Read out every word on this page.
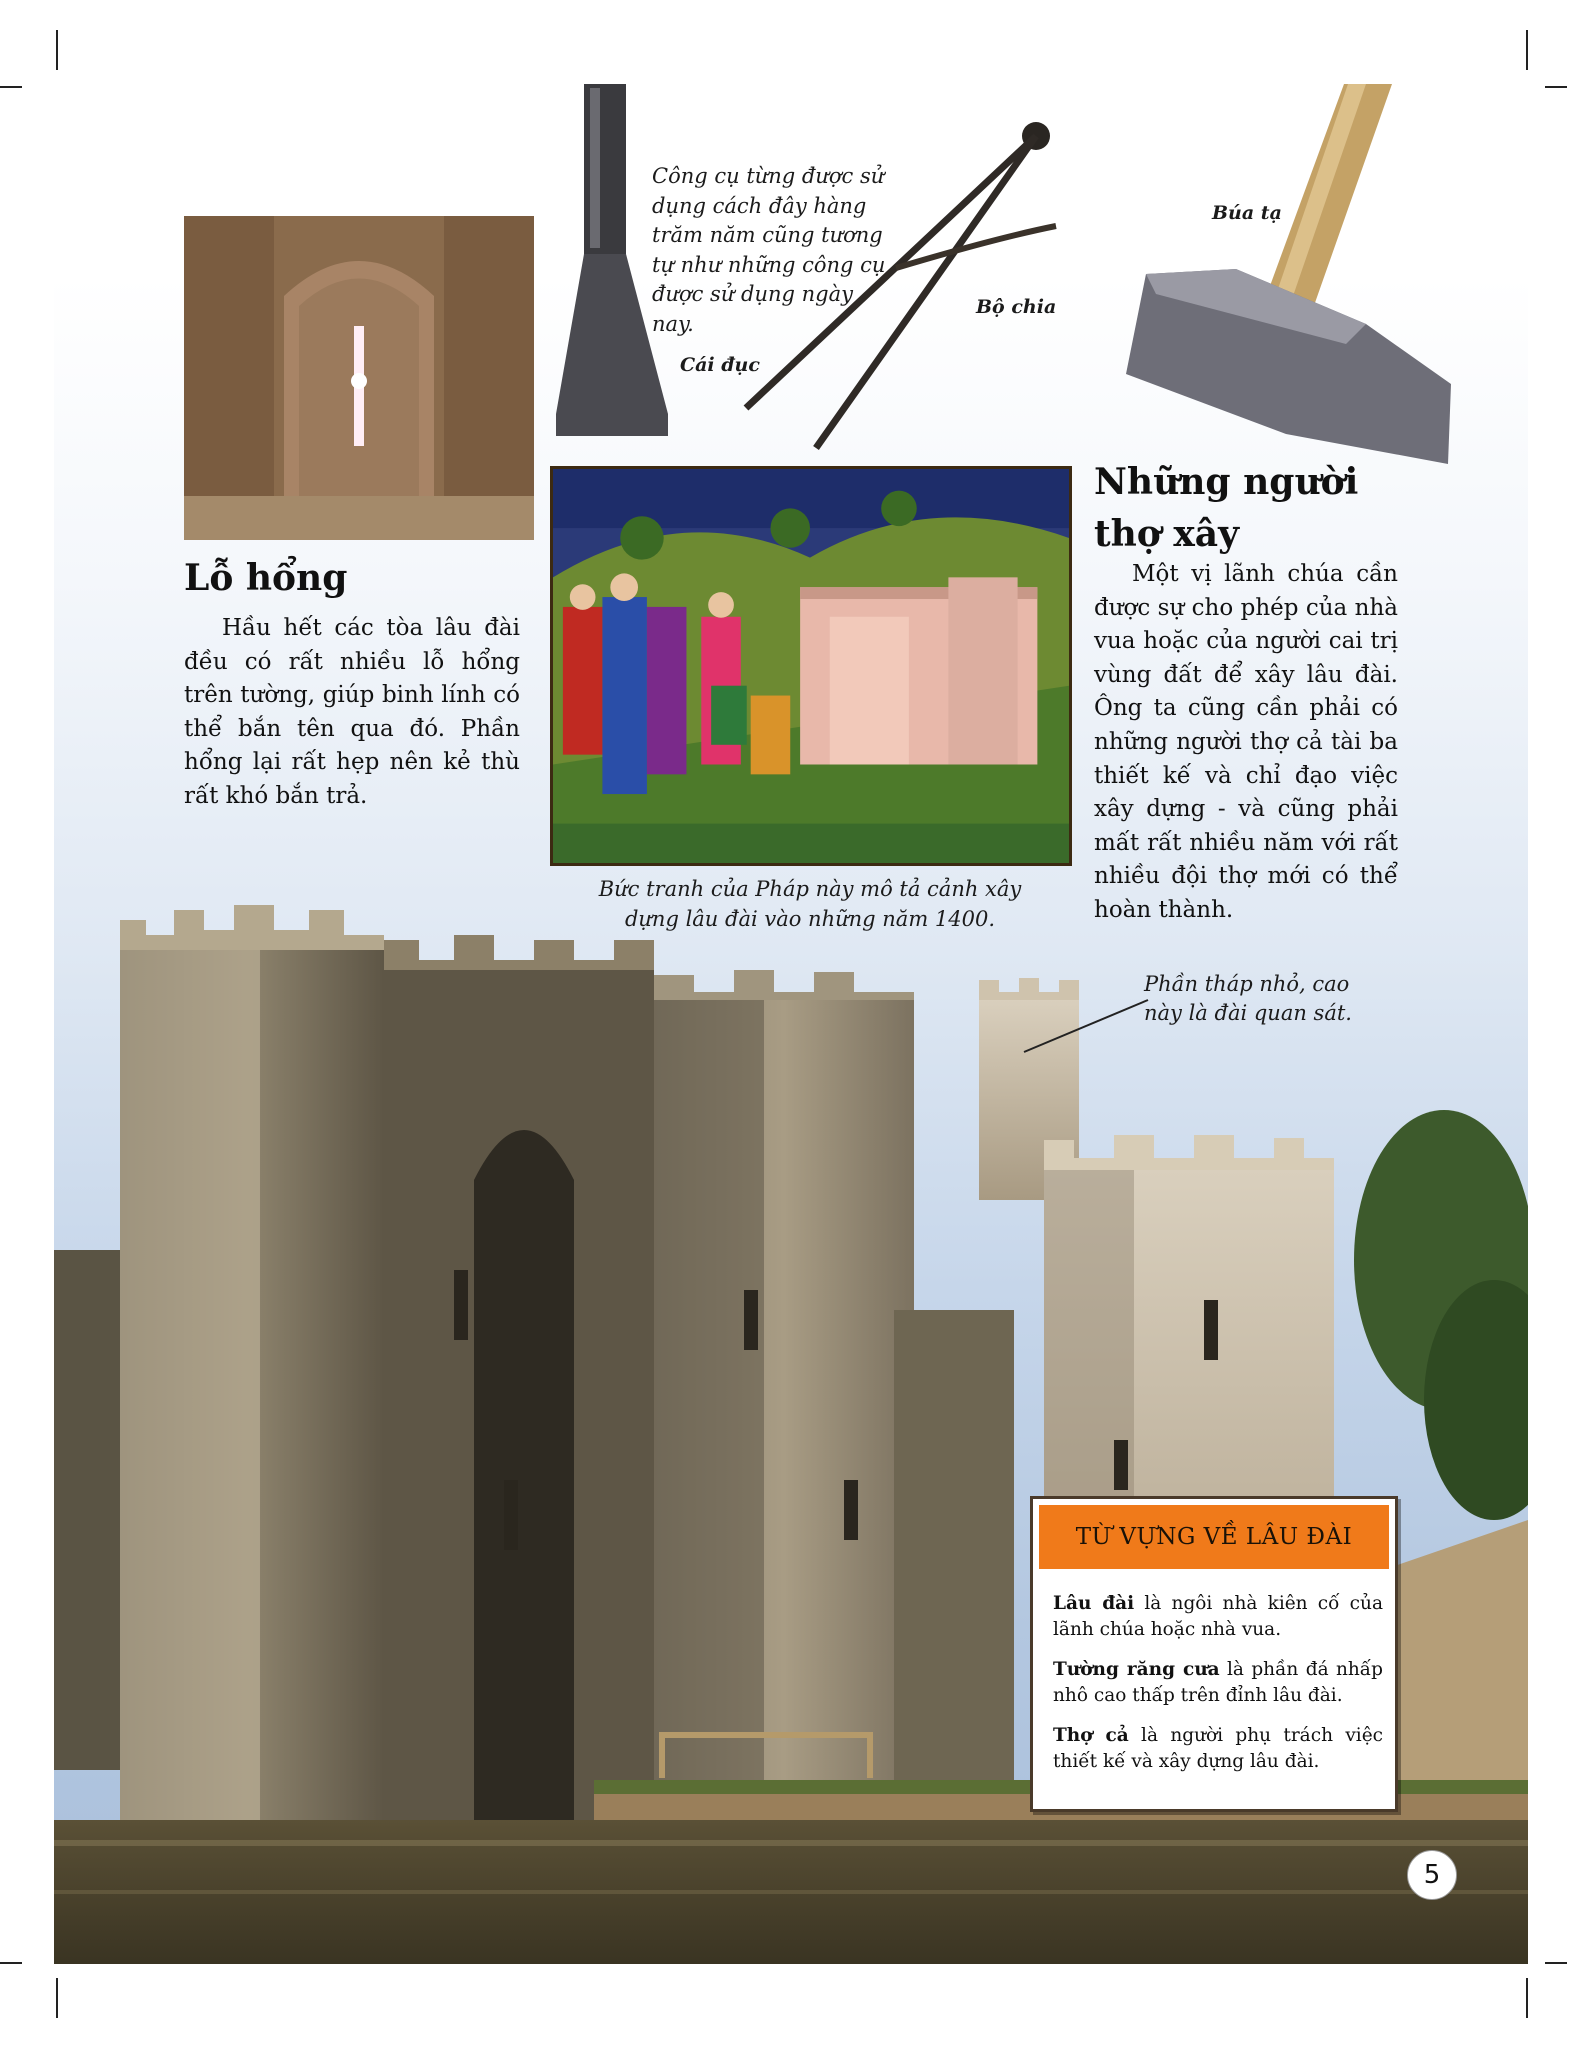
Lỗ hổng

Hầu hết các tòa lâu đài đều có rất nhiều lỗ hổng trên tường, giúp binh lính có thể bắn tên qua đó. Phần hổng lại rất hẹp nên kẻ thù rất khó bắn trả.

Công cụ từng được sử dụng cách đây hàng trăm năm cũng tương tự như những công cụ được sử dụng ngày nay.

Cái đục

Bộ chia

Búa tạ

Bức tranh của Pháp này mô tả cảnh xây dựng lâu đài vào những năm 1400.

Những người
thợ xây

Một vị lãnh chúa cần được sự cho phép của nhà vua hoặc của người cai trị vùng đất để xây lâu đài. Ông ta cũng cần phải có những người thợ cả tài ba thiết kế và chỉ đạo việc xây dựng - và cũng phải mất rất nhiều năm với rất nhiều đội thợ mới có thể hoàn thành.

Phần tháp nhỏ, cao
này là đài quan sát.

TỪ VỰNG VỀ LÂU ĐÀI

Lâu đài là ngôi nhà kiên cố của lãnh chúa hoặc nhà vua.

Tường răng cưa là phần đá nhấp nhô cao thấp trên đỉnh lâu đài.

Thợ cả là người phụ trách việc thiết kế và xây dựng lâu đài.

5
